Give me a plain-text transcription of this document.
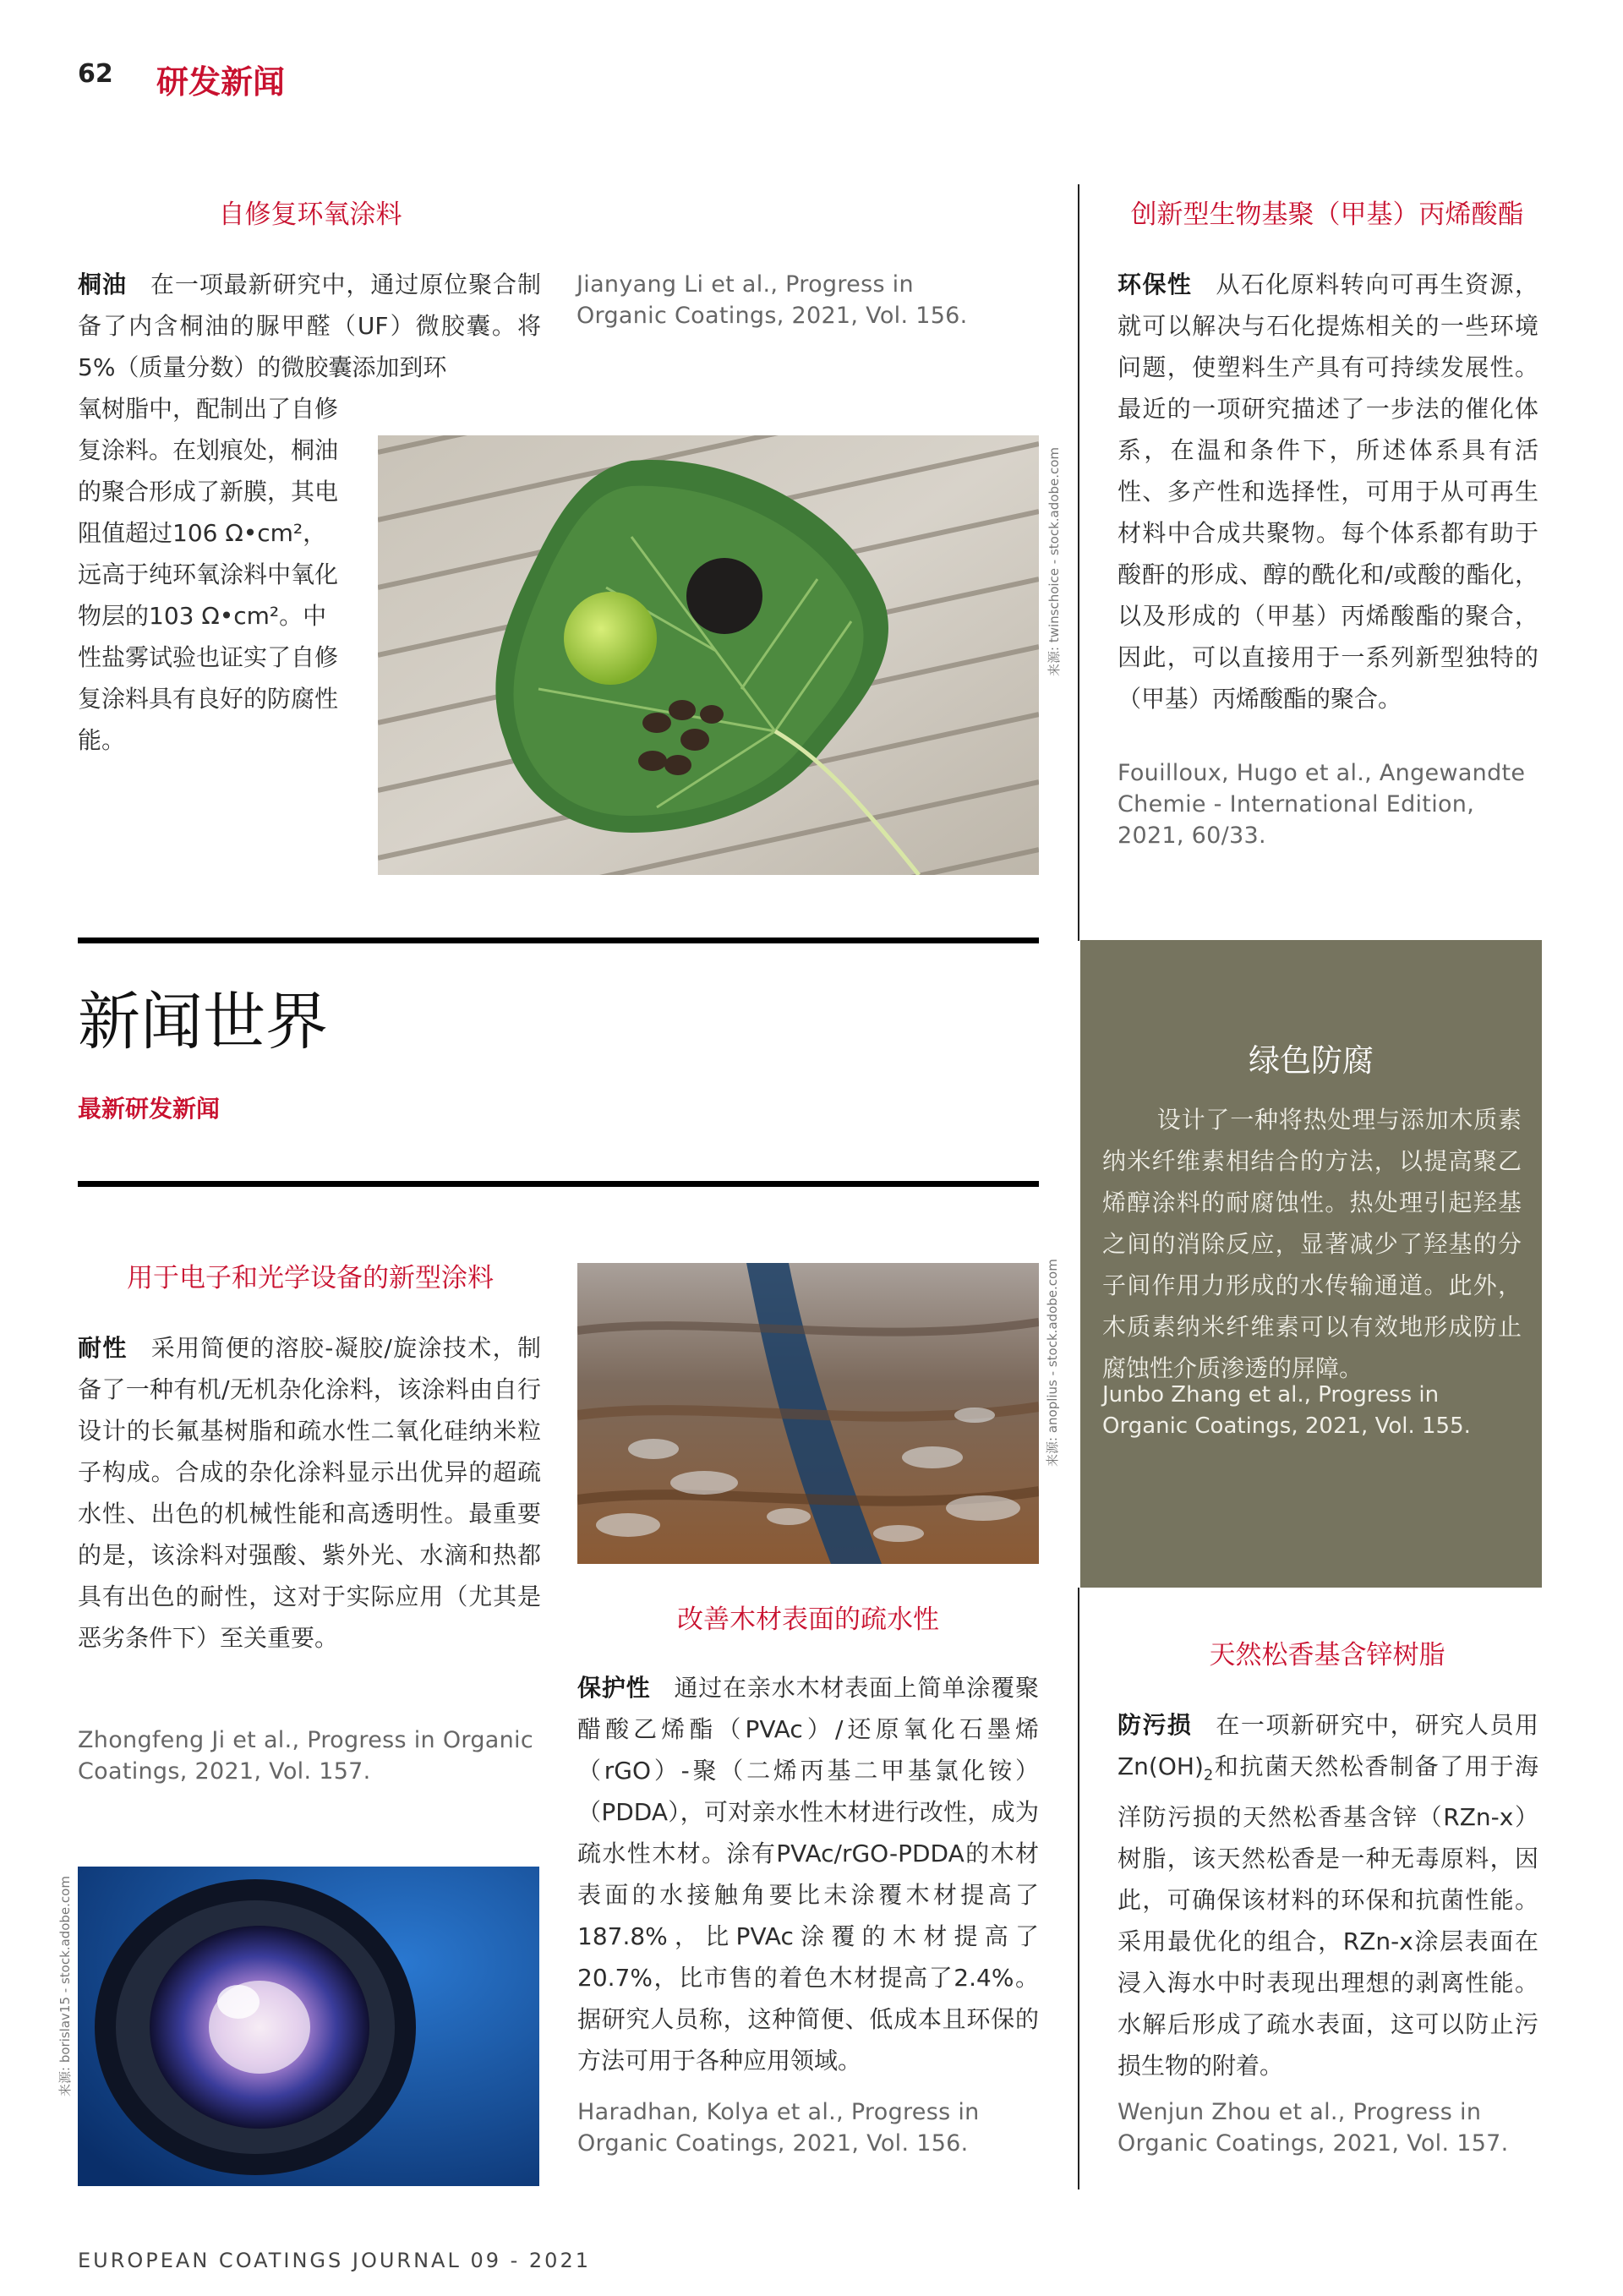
62 研发新闻
自修复环氧涂料
桐油 在一项最新研究中，通过原位聚合制备了内含桐油的脲甲醛（UF）微胶囊。将5%（质量分数）的微胶囊添加到环
氧树脂中，配制出了自修复涂料。在划痕处，桐油的聚合形成了新膜，其电阻值超过106 Ω•cm²，远高于纯环氧涂料中氧化物层的103 Ω•cm²。中性盐雾试验也证实了自修复涂料具有良好的防腐性能。
Jianyang Li et al., Progress in Organic Coatings, 2021, Vol. 156.
来源: twinschoice - stock.adobe.com
创新型生物基聚（甲基）丙烯酸酯
环保性 从石化原料转向可再生资源，就可以解决与石化提炼相关的一些环境问题，使塑料生产具有可持续发展性。最近的一项研究描述了一步法的催化体系，在温和条件下，所述体系具有活性、多产性和选择性，可用于从可再生材料中合成共聚物。每个体系都有助于酸酐的形成、醇的酰化和/或酸的酯化，以及形成的（甲基）丙烯酸酯的聚合，因此，可以直接用于一系列新型独特的（甲基）丙烯酸酯的聚合。
Fouilloux, Hugo et al., Angewandte Chemie - International Edition, 2021, 60/33.
新闻世界
最新研发新闻
绿色防腐
设计了一种将热处理与添加木质素纳米纤维素相结合的方法，以提高聚乙烯醇涂料的耐腐蚀性。热处理引起羟基之间的消除反应，显著减少了羟基的分子间作用力形成的水传输通道。此外，木质素纳米纤维素可以有效地形成防止腐蚀性介质渗透的屏障。
Junbo Zhang et al., Progress in Organic Coatings, 2021, Vol. 155.
用于电子和光学设备的新型涂料
耐性 采用简便的溶胶-凝胶/旋涂技术，制备了一种有机/无机杂化涂料，该涂料由自行设计的长氟基树脂和疏水性二氧化硅纳米粒子构成。合成的杂化涂料显示出优异的超疏水性、出色的机械性能和高透明性。最重要的是，该涂料对强酸、紫外光、水滴和热都具有出色的耐性，这对于实际应用（尤其是恶劣条件下）至关重要。
Zhongfeng Ji et al., Progress in Organic Coatings, 2021, Vol. 157.
来源: anoplius - stock.adobe.com
改善木材表面的疏水性
保护性 通过在亲水木材表面上简单涂覆聚醋酸乙烯酯（PVAc）/还原氧化石墨烯（rGO）-聚（二烯丙基二甲基氯化铵）（PDDA），可对亲水性木材进行改性，成为疏水性木材。涂有PVAc/rGO-PDDA的木材表面的水接触角要比未涂覆木材提高了187.8%，比PVAc涂覆的木材提高了20.7%，比市售的着色木材提高了2.4%。据研究人员称，这种简便、低成本且环保的方法可用于各种应用领域。
Haradhan, Kolya et al., Progress in Organic Coatings, 2021, Vol. 156.
来源: borislav15 - stock.adobe.com
天然松香基含锌树脂
防污损 在一项新研究中，研究人员用$Zn(OH)_2$和抗菌天然松香制备了用于海洋防污损的天然松香基含锌（RZn-x）树脂，该天然松香是一种无毒原料，因此，可确保该材料的环保和抗菌性能。采用最优化的组合，RZn-x涂层表面在浸入海水中时表现出理想的剥离性能。水解后形成了疏水表面，这可以防止污损生物的附着。
Wenjun Zhou et al., Progress in Organic Coatings, 2021, Vol. 157.
EUROPEAN COATINGS JOURNAL 09 - 2021
